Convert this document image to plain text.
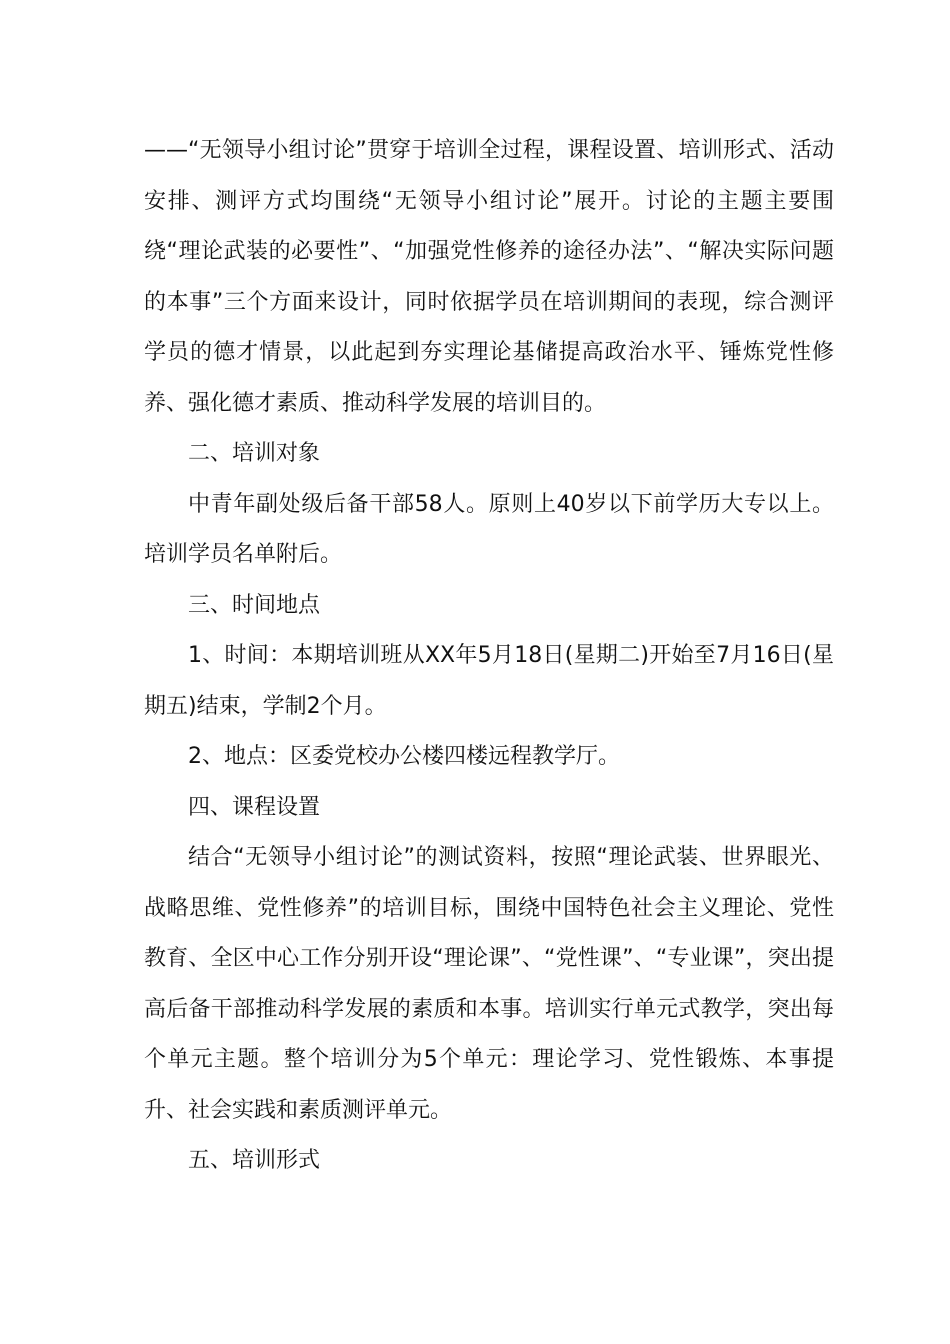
——“无领导小组讨论”贯穿于培训全过程，课程设置、培训形式、活动安排、测评方式均围绕“无领导小组讨论”展开。讨论的主题主要围绕“理论武装的必要性”、“加强党性修养的途径办法”、“解决实际问题的本事”三个方面来设计，同时依据学员在培训期间的表现，综合测评学员的德才情景，以此起到夯实理论基储提高政治水平、锤炼党性修养、强化德才素质、推动科学发展的培训目的。

二、培训对象

中青年副处级后备干部58人。原则上40岁以下前学历大专以上。培训学员名单附后。

三、时间地点

1、时间：本期培训班从XX年5月18日(星期二)开始至7月16日(星期五)结束，学制2个月。

2、地点：区委党校办公楼四楼远程教学厅。

四、课程设置

结合“无领导小组讨论”的测试资料，按照“理论武装、世界眼光、战略思维、党性修养”的培训目标，围绕中国特色社会主义理论、党性教育、全区中心工作分别开设“理论课”、“党性课”、“专业课”，突出提高后备干部推动科学发展的素质和本事。培训实行单元式教学，突出每个单元主题。整个培训分为5个单元：理论学习、党性锻炼、本事提升、社会实践和素质测评单元。

五、培训形式
